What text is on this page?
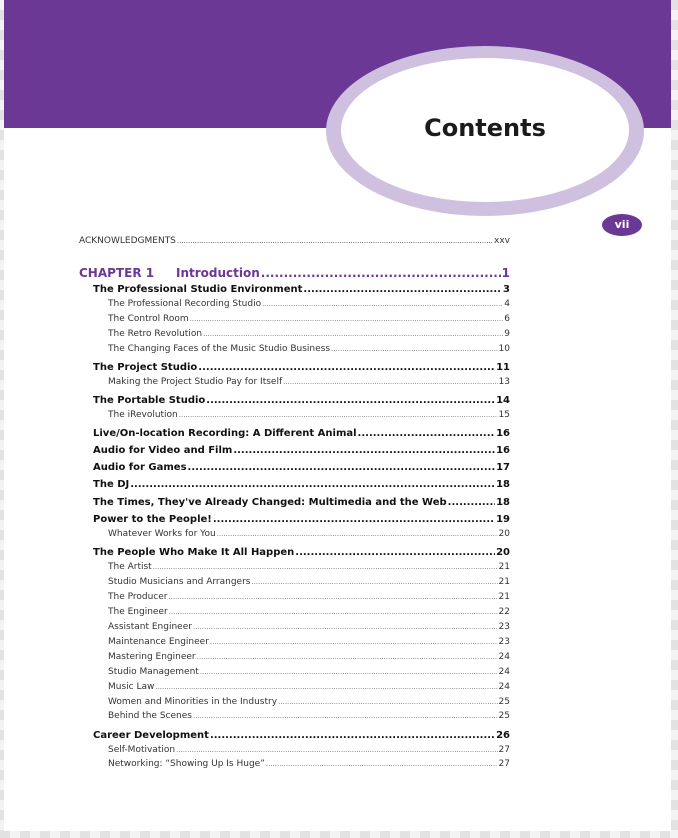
Contents
vii
ACKNOWLEDGMENTS .....	xxv
CHAPTER 1 Introduction .....	1
The Professional Studio Environment .....	3
The Professional Recording Studio .....	4
The Control Room .....	6
The Retro Revolution .....	9
The Changing Faces of the Music Studio Business .....	10
The Project Studio .....	11
Making the Project Studio Pay for Itself .....	13
The Portable Studio .....	14
The iRevolution .....	15
Live/On-location Recording: A Different Animal .....	16
Audio for Video and Film .....	16
Audio for Games .....	17
The DJ .....	18
The Times, They've Already Changed: Multimedia and the Web .....	18
Power to the People! .....	19
Whatever Works for You .....	20
The People Who Make It All Happen .....	20
The Artist .....	21
Studio Musicians and Arrangers .....	21
The Producer .....	21
The Engineer .....	22
Assistant Engineer .....	23
Maintenance Engineer .....	23
Mastering Engineer .....	24
Studio Management .....	24
Music Law .....	24
Women and Minorities in the Industry .....	25
Behind the Scenes .....	25
Career Development .....	26
Self-Motivation .....	27
Networking: “Showing Up Is Huge” .....	27
